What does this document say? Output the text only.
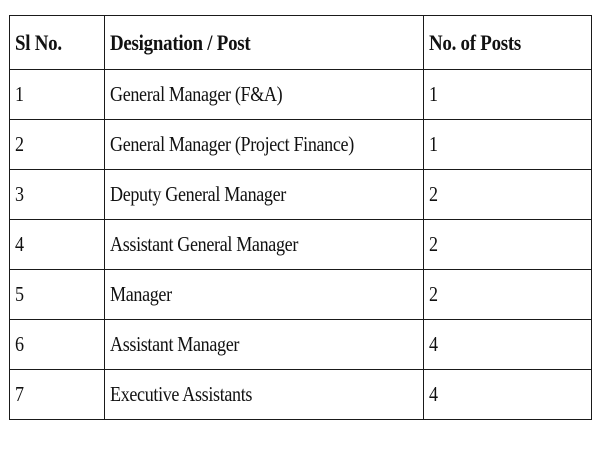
Sl No.	Designation / Post	No. of Posts
1	General Manager (F&A)	1
2	General Manager (Project Finance)	1
3	Deputy General Manager	2
4	Assistant General Manager	2
5	Manager	2
6	Assistant Manager	4
7	Executive Assistants	4
